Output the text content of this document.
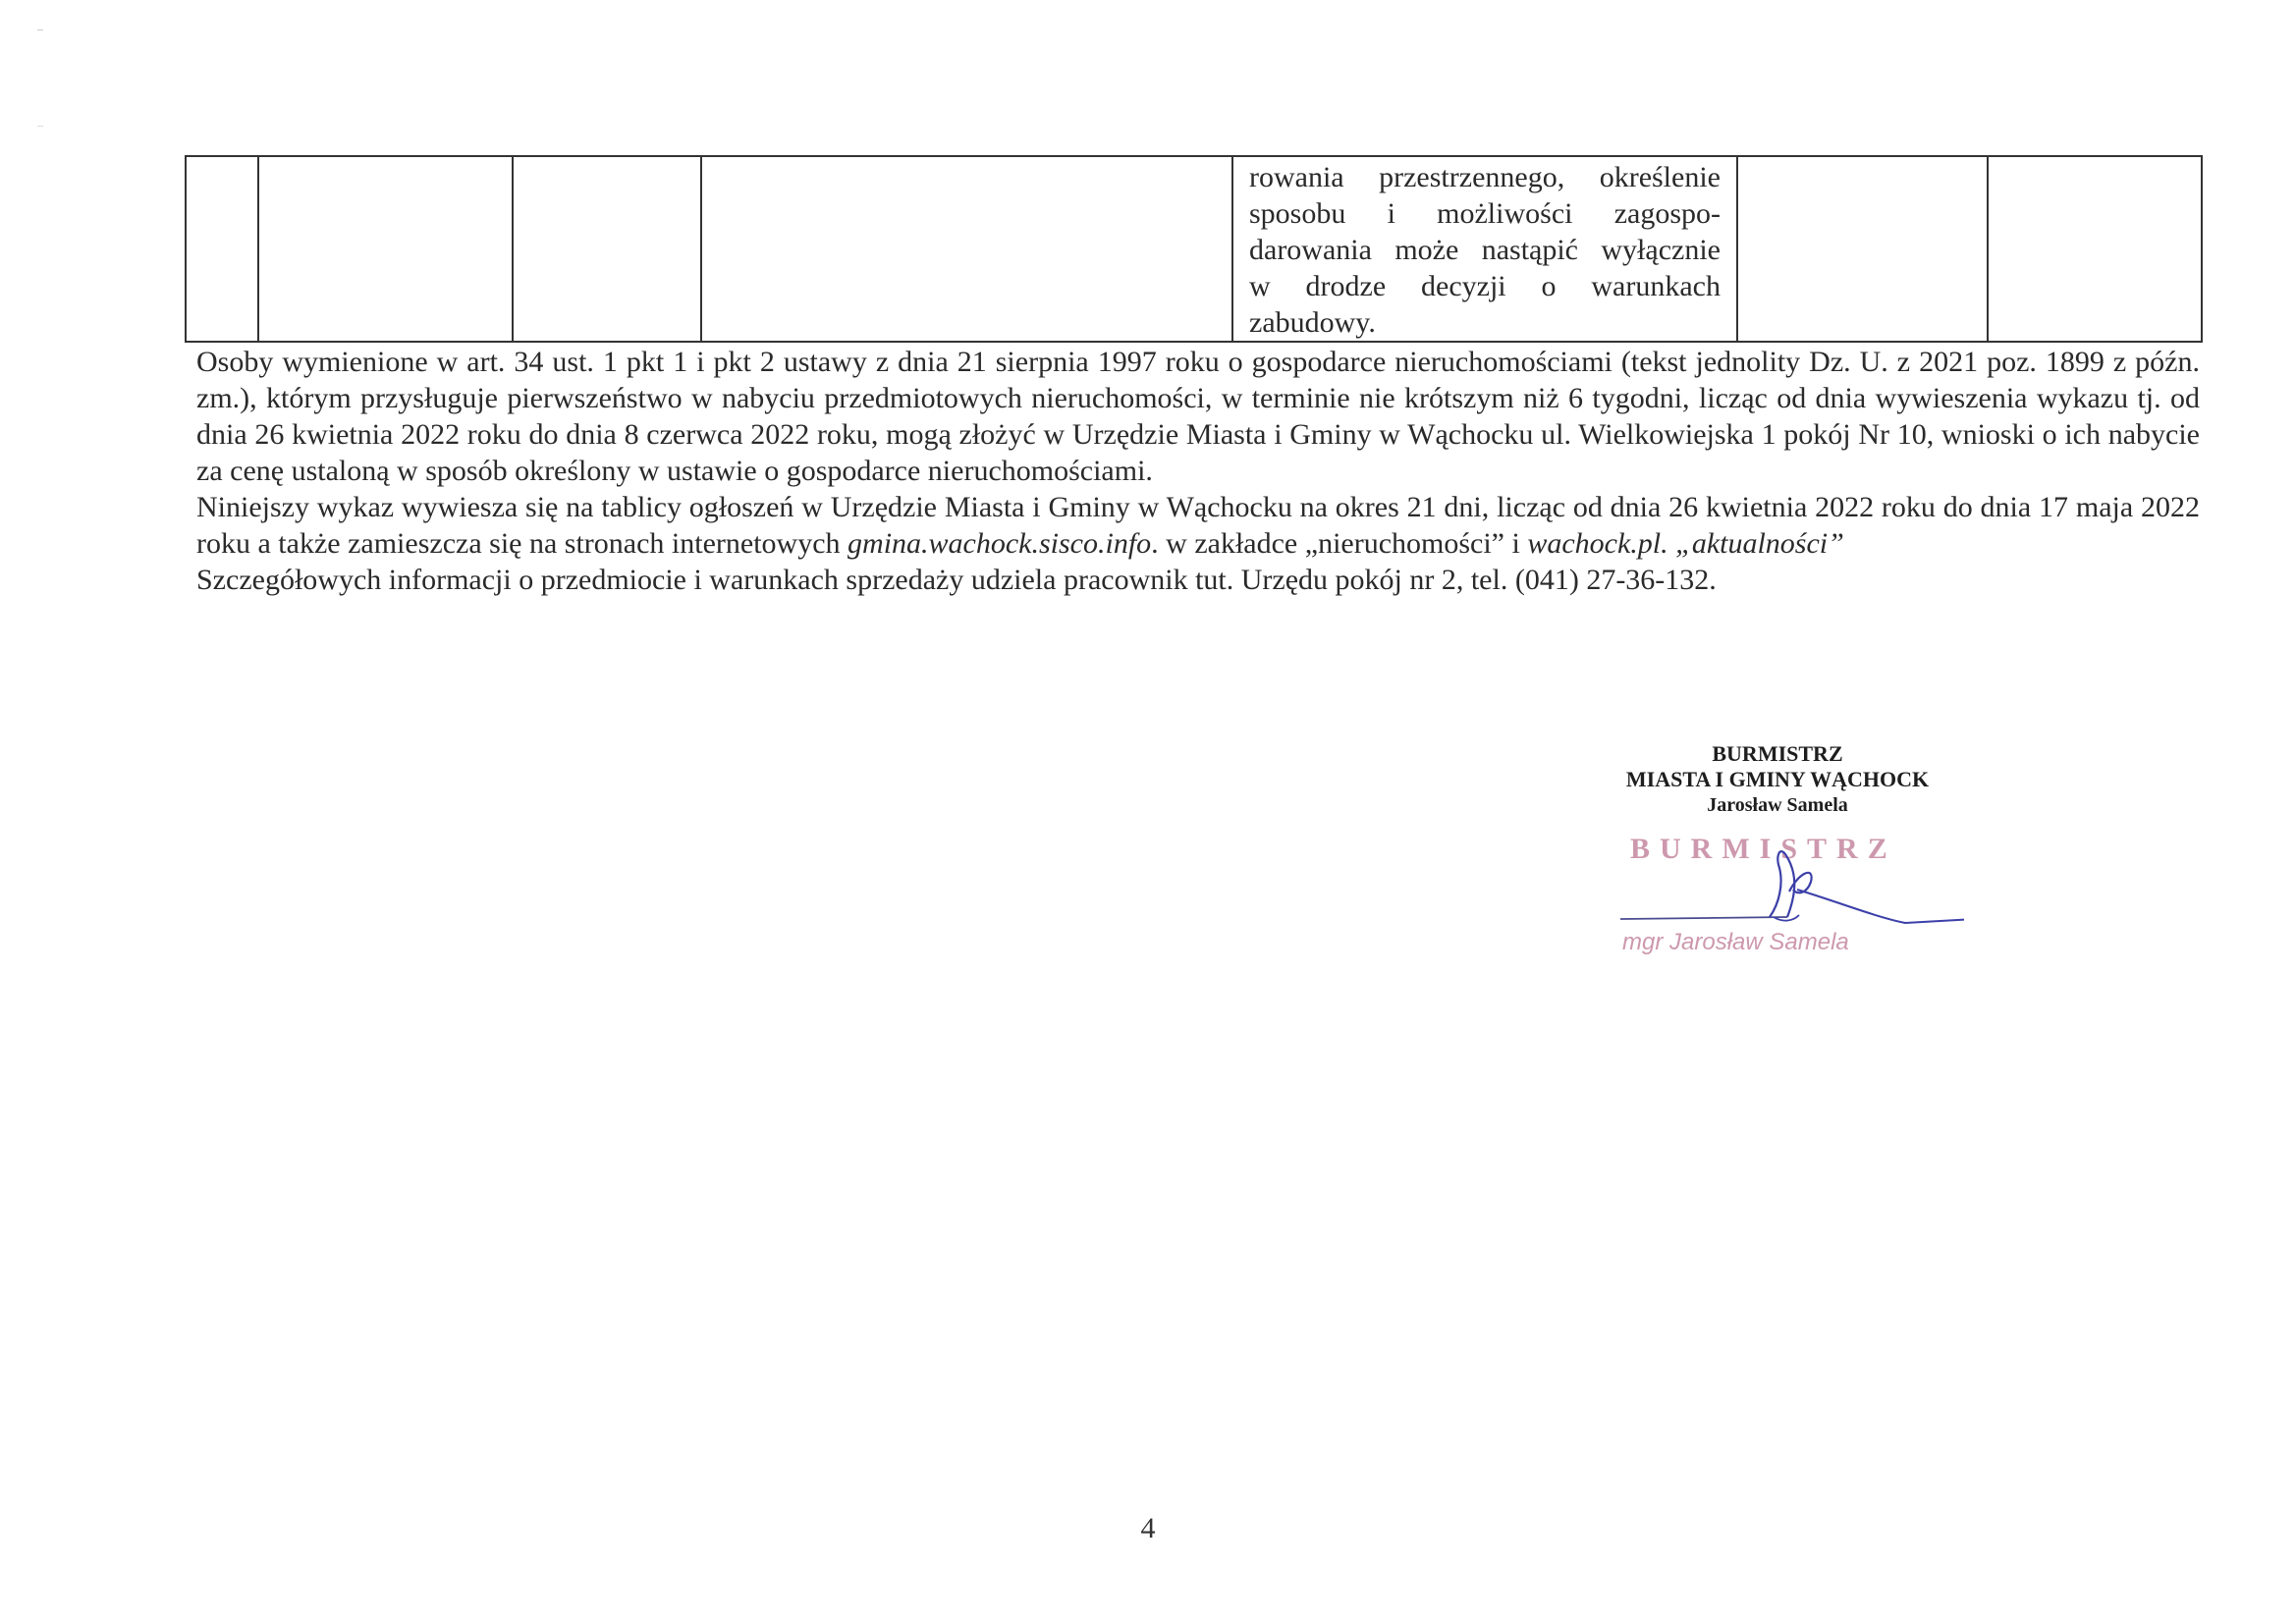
rowania przestrzennego, określenie
sposobu i możliwości zagospo-
darowania może nastąpić wyłącznie
w drodze decyzji o warunkach
zabudowy.

Osoby wymienione w art. 34 ust. 1 pkt 1 i pkt 2 ustawy z dnia 21 sierpnia 1997 roku o gospodarce nieruchomościami (tekst jednolity Dz. U. z 2021 poz. 1899 z późn. zm.), którym przysługuje pierwszeństwo w nabyciu przedmiotowych nieruchomości, w terminie nie krótszym niż 6 tygodni, licząc od dnia wywieszenia wykazu tj. od dnia 26 kwietnia 2022 roku do dnia 8 czerwca 2022 roku, mogą złożyć w Urzędzie Miasta i Gminy w Wąchocku ul. Wielkowiejska 1 pokój Nr 10, wnioski o ich nabycie za cenę ustaloną w sposób określony w ustawie o gospodarce nieruchomościami.

Niniejszy wykaz wywiesza się na tablicy ogłoszeń w Urzędzie Miasta i Gminy w Wąchocku na okres 21 dni, licząc od dnia 26 kwietnia 2022 roku do dnia 17 maja 2022 roku a także zamieszcza się na stronach internetowych gmina.wachock.sisco.info. w zakładce „nieruchomości” i wachock.pl. „aktualności”

Szczegółowych informacji o przedmiocie i warunkach sprzedaży udziela pracownik tut. Urzędu pokój nr 2, tel. (041) 27-36-132.

BURMISTRZ
MIASTA I GMINY WĄCHOCK
Jarosław Samela
BURMISTRZ
mgr Jarosław Samela
4
